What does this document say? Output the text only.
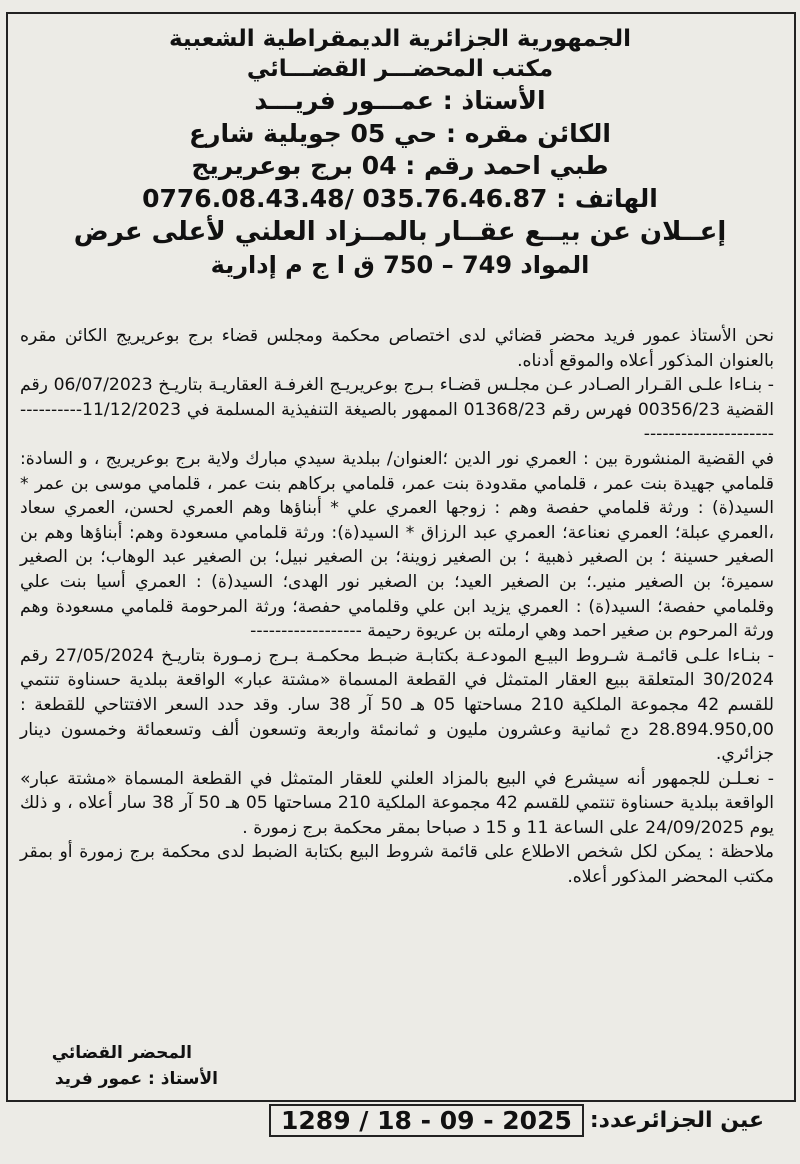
الجمهورية الجزائرية الديمقراطية الشعبية
مكتب المحضـــر القضـــائي
الأستاذ : عمـــور فريـــد
الكائن مقره : حي 05 جويلية شارع
طبي احمد رقم : 04 برج بوعريريج
الهاتف : 035.76.46.87 /0776.08.43.48
إعــلان عن بيــع عقــار بالمــزاد العلني لأعلى عرض
المواد 749 – 750 ق ا ج م إدارية

نحن الأستاذ عمور فريد محضر قضائي لدى اختصاص محكمة ومجلس قضاء برج بوعريريج الكائن مقره بالعنوان المذكور أعلاه والموقع أدناه.

- بنـاءا علـى القـرار الصـادر عـن مجلـس قضـاء بـرج بوعريريـج الغرفـة العقاريـة بتاريـخ 06/07/2023 رقم القضية 00356/23 فهرس رقم 01368/23 الممهور بالصيغة التنفيذية المسلمة في 11/12/2023-------------------------------

في القضية المنشورة بين : العمري نور الدين ؛العنوان/ ببلدية سيدي مبارك ولاية برج بوعريريج ، و السادة: قلمامي جهيدة بنت عمر ، قلمامي مقدودة بنت عمر، قلمامي بركاهم بنت عمر ، قلمامي موسى بن عمر * السيد(ة) : ورثة قلمامي حفصة وهم : زوجها العمري علي * أبناؤها وهم العمري لحسن، العمري سعاد ،العمري عبلة؛ العمري نعناعة؛ العمري عبد الرزاق * السيد(ة): ورثة قلمامي مسعودة وهم: أبناؤها وهم بن الصغير حسينة ؛ بن الصغير ذهبية ؛ بن الصغير زوينة؛ بن الصغير نبيل؛ بن الصغير عبد الوهاب؛ بن الصغير سميرة؛ بن الصغير منير.؛ بن الصغير العيد؛ بن الصغير نور الهدى؛ السيد(ة) : العمري أسيا بنت علي وقلمامي حفصة؛ السيد(ة) : العمري يزيد ابن علي وقلمامي حفصة؛ ورثة المرحومة قلمامي مسعودة وهم ورثة المرحوم بن صغير احمد وهي ارملته بن عريوة رحيمة ------------------

- بنـاءا علـى قائمـة شـروط البيـع المودعـة بكتابـة ضبـط محكمـة بـرج زمـورة بتاريـخ 27/05/2024 رقم 30/2024 المتعلقة ببيع العقار المتمثل في القطعة المسماة «مشتة عبار» الواقعة ببلدية حسناوة تنتمي للقسم 42 مجموعة الملكية 210 مساحتها 05 هـ 50 آر 38 سار. وقد حدد السعر الافتتاحي للقطعة : 28.894.950,00 دج ثمانية وعشرون مليون و ثمانمئة واربعة وتسعون ألف وتسعمائة وخمسون دينار جزائري.

- نعـلـن للجمهور أنه سيشرع في البيع بالمزاد العلني للعقار المتمثل في القطعة المسماة «مشتة عبار» الواقعة ببلدية حسناوة تنتمي للقسم 42 مجموعة الملكية 210 مساحتها 05 هـ 50 آر 38 سار أعلاه ، و ذلك يوم 24/09/2025 على الساعة 11 و 15 د صباحا بمقر محكمة برج زمورة .

ملاحظة : يمكن لكل شخص الاطلاع على قائمة شروط البيع بكتابة الضبط لدى محكمة برج زمورة أو بمقر مكتب المحضر المذكور أعلاه.

المحضر القضائي
الأستاذ : عمور فريد
عين الجزائرعدد:
1289 / 18 - 09 - 2025
